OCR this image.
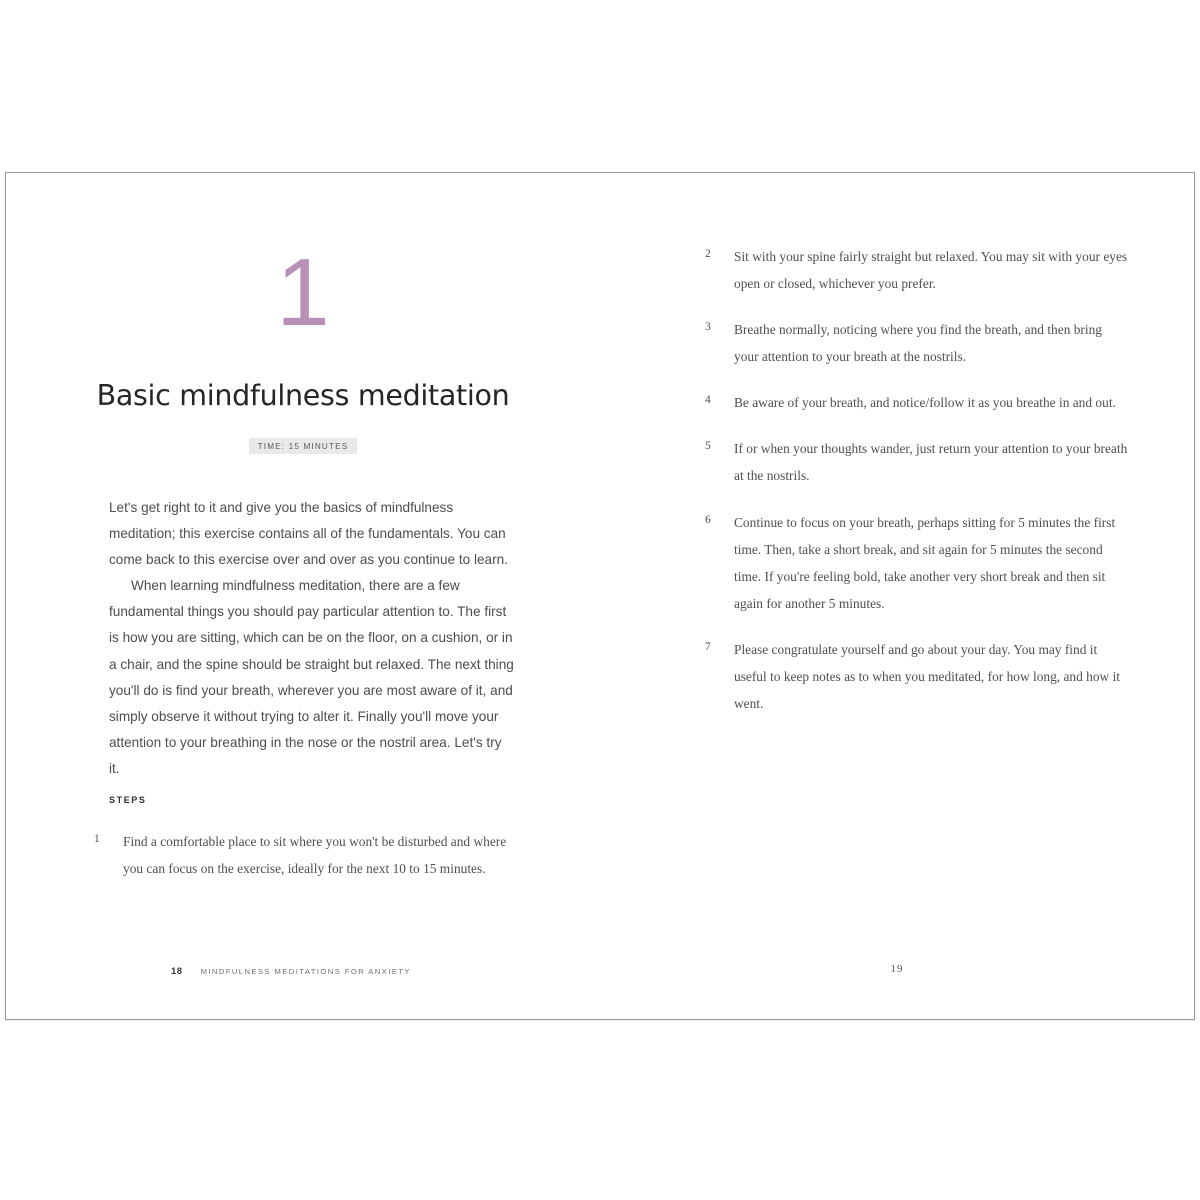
1
Basic mindfulness meditation
TIME: 15 MINUTES

Let's get right to it and give you the basics of mindfulness meditation; this exercise contains all of the fundamentals. You can come back to this exercise over and over as you continue to learn.

When learning mindfulness meditation, there are a few fundamental things you should pay particular attention to. The first is how you are sitting, which can be on the floor, on a cushion, or in a chair, and the spine should be straight but relaxed. The next thing you'll do is find your breath, wherever you are most aware of it, and simply observe it without trying to alter it. Finally you'll move your attention to your breathing in the nose or the nostril area. Let's try it.

STEPS
1 Find a comfortable place to sit where you won't be disturbed and where you can focus on the exercise, ideally for the next 10 to 15 minutes.
18 MINDFULNESS MEDITATIONS FOR ANXIETY
2 Sit with your spine fairly straight but relaxed. You may sit with your eyes open or closed, whichever you prefer.
3 Breathe normally, noticing where you find the breath, and then bring your attention to your breath at the nostrils.
4 Be aware of your breath, and notice/follow it as you breathe in and out.
5 If or when your thoughts wander, just return your attention to your breath at the nostrils.
6 Continue to focus on your breath, perhaps sitting for 5 minutes the first time. Then, take a short break, and sit again for 5 minutes the second time. If you're feeling bold, take another very short break and then sit again for another 5 minutes.
7 Please congratulate yourself and go about your day. You may find it useful to keep notes as to when you meditated, for how long, and how it went.
19
